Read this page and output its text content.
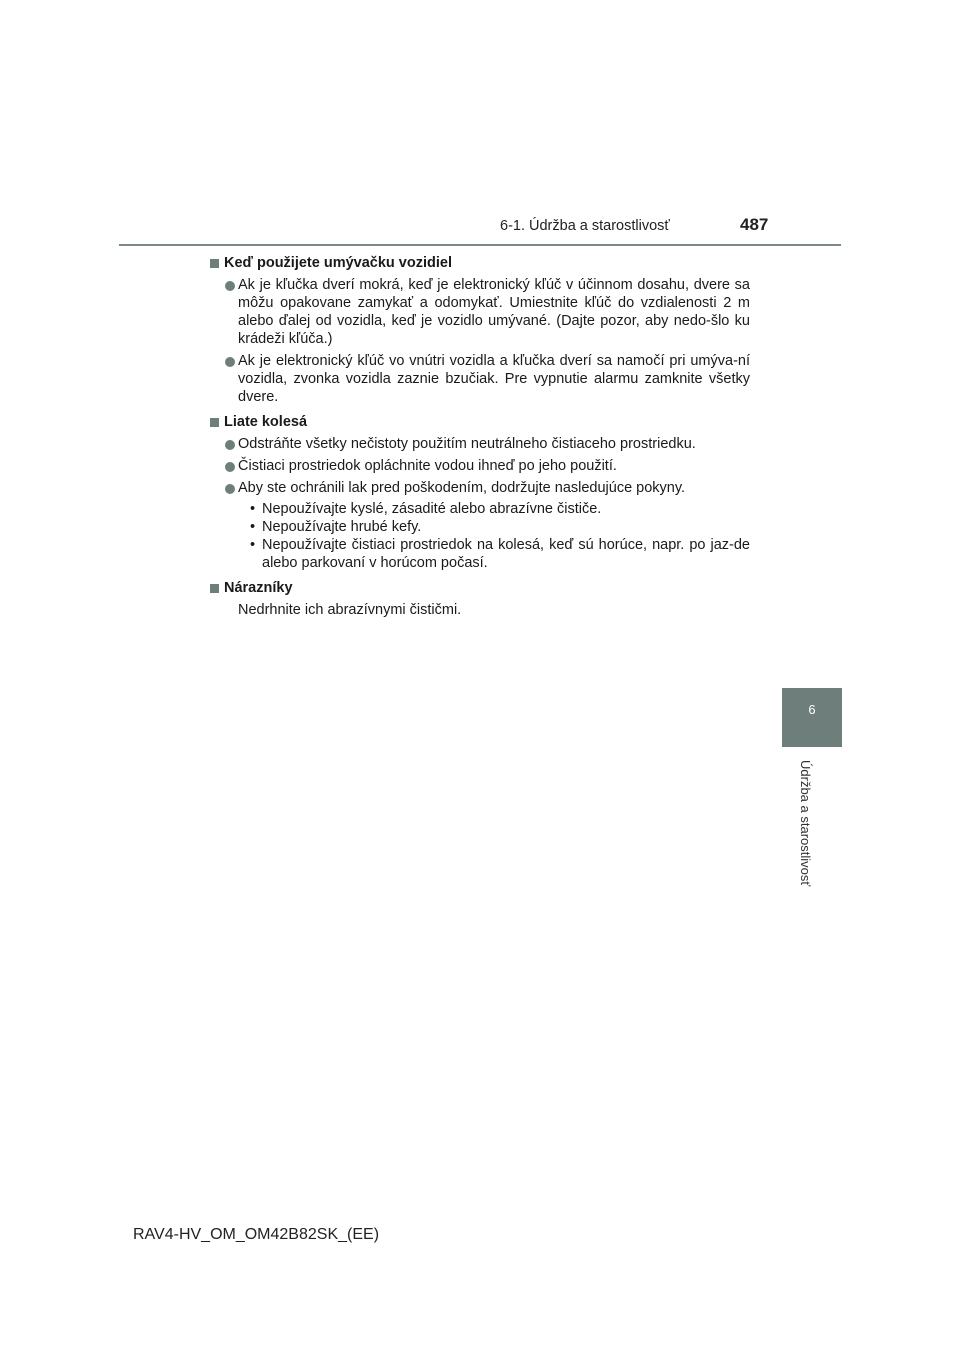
6-1. Údržba a starostlivosť	487
6
Údržba a starostlivosť
Keď použijete umývačku vozidiel
Ak je kľučka dverí mokrá, keď je elektronický kľúč v účinnom dosahu, dvere sa môžu opakovane zamykať a odomykať. Umiestnite kľúč do vzdialenosti 2 m alebo ďalej od vozidla, keď je vozidlo umývané. (Dajte pozor, aby nedo-šlo ku krádeži kľúča.)
Ak je elektronický kľúč vo vnútri vozidla a kľučka dverí sa namočí pri umýva-ní vozidla, zvonka vozidla zaznie bzučiak. Pre vypnutie alarmu zamknite všetky dvere.
Liate kolesá
Odstráňte všetky nečistoty použitím neutrálneho čistiaceho prostriedku.
Čistiaci prostriedok opláchnite vodou ihneď po jeho použití.
Aby ste ochránili lak pred poškodením, dodržujte nasledujúce pokyny.
• Nepoužívajte kyslé, zásadité alebo abrazívne čističe.
• Nepoužívajte hrubé kefy.
• Nepoužívajte čistiaci prostriedok na kolesá, keď sú horúce, napr. po jaz-de alebo parkovaní v horúcom počasí.
Nárazníky
Nedrhnite ich abrazívnymi čističmi.
RAV4-HV_OM_OM42B82SK_(EE)
